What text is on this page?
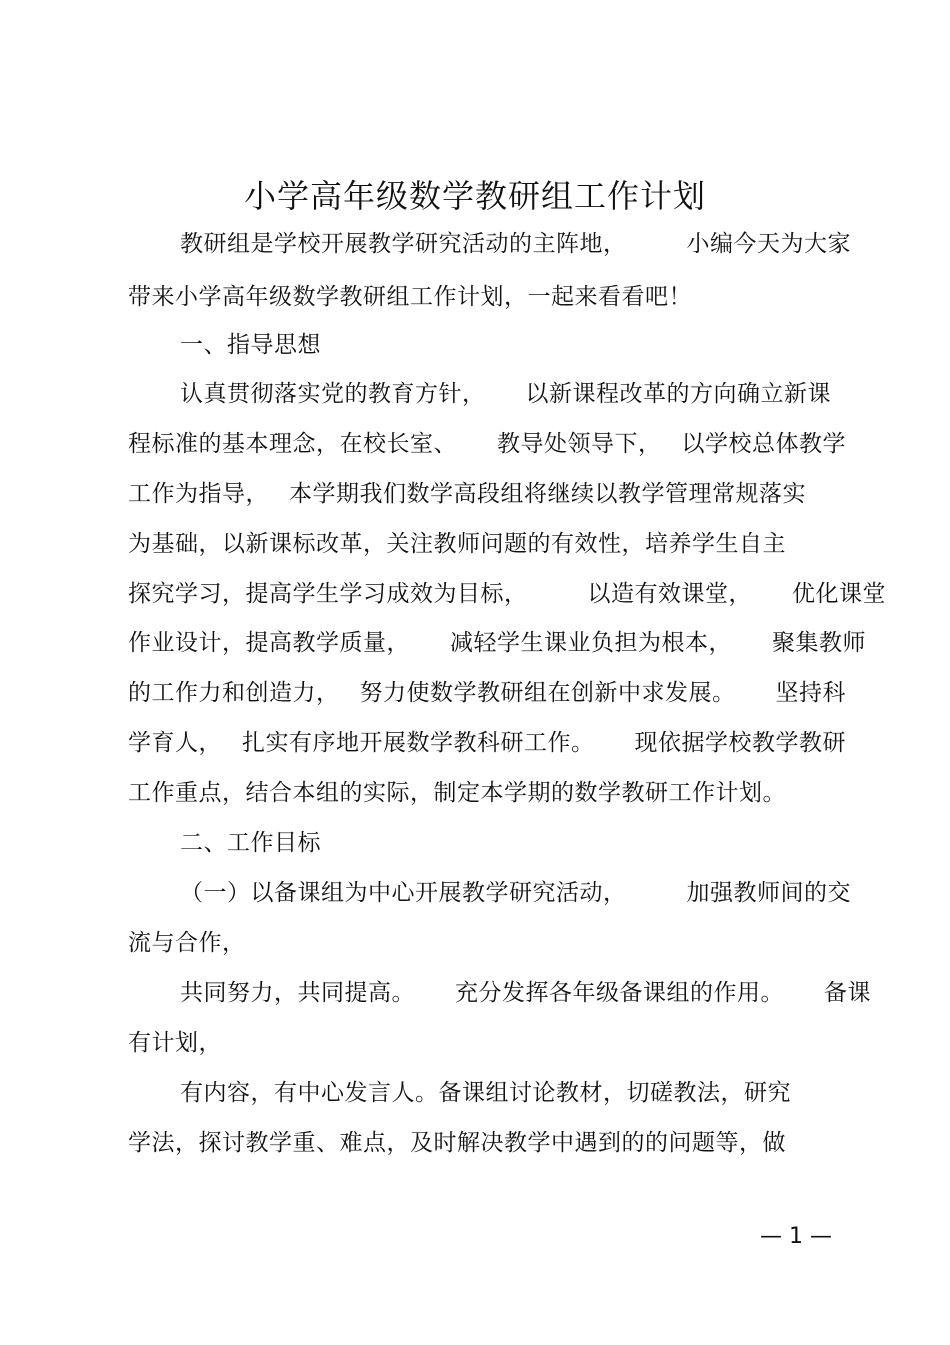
小学高年级数学教研组工作计划
教研组是学校开展教学研究活动的主阵地，	小编今天为大家
带来小学高年级数学教研组工作计划，一起来看看吧！
一、指导思想
认真贯彻落实党的教育方针， 以新课程改革的方向确立新课
程标准的基本理念，在校长室、 教导处领导下， 以学校总体教学
工作为指导， 本学期我们数学高段组将继续以教学管理常规落实
为基础，以新课标改革，关注教师问题的有效性，培养学生自主
探究学习，提高学生学习成效为目标，	以造有效课堂， 优化课堂
作业设计，提高教学质量， 减轻学生课业负担为根本， 聚集教师
的工作力和创造力， 努力使数学教研组在创新中求发展。 坚持科
学育人， 扎实有序地开展数学教科研工作。 现依据学校教学教研
工作重点，结合本组的实际，制定本学期的数学教研工作计划。
二、工作目标
（一）以备课组为中心开展教学研究活动，	加强教师间的交
流与合作，
共同努力，共同提高。 充分发挥各年级备课组的作用。 备课
有计划，
有内容，有中心发言人。备课组讨论教材，切磋教法，研究
学法，探讨教学重、难点，及时解决教学中遇到的的问题等，做
— 1 —
